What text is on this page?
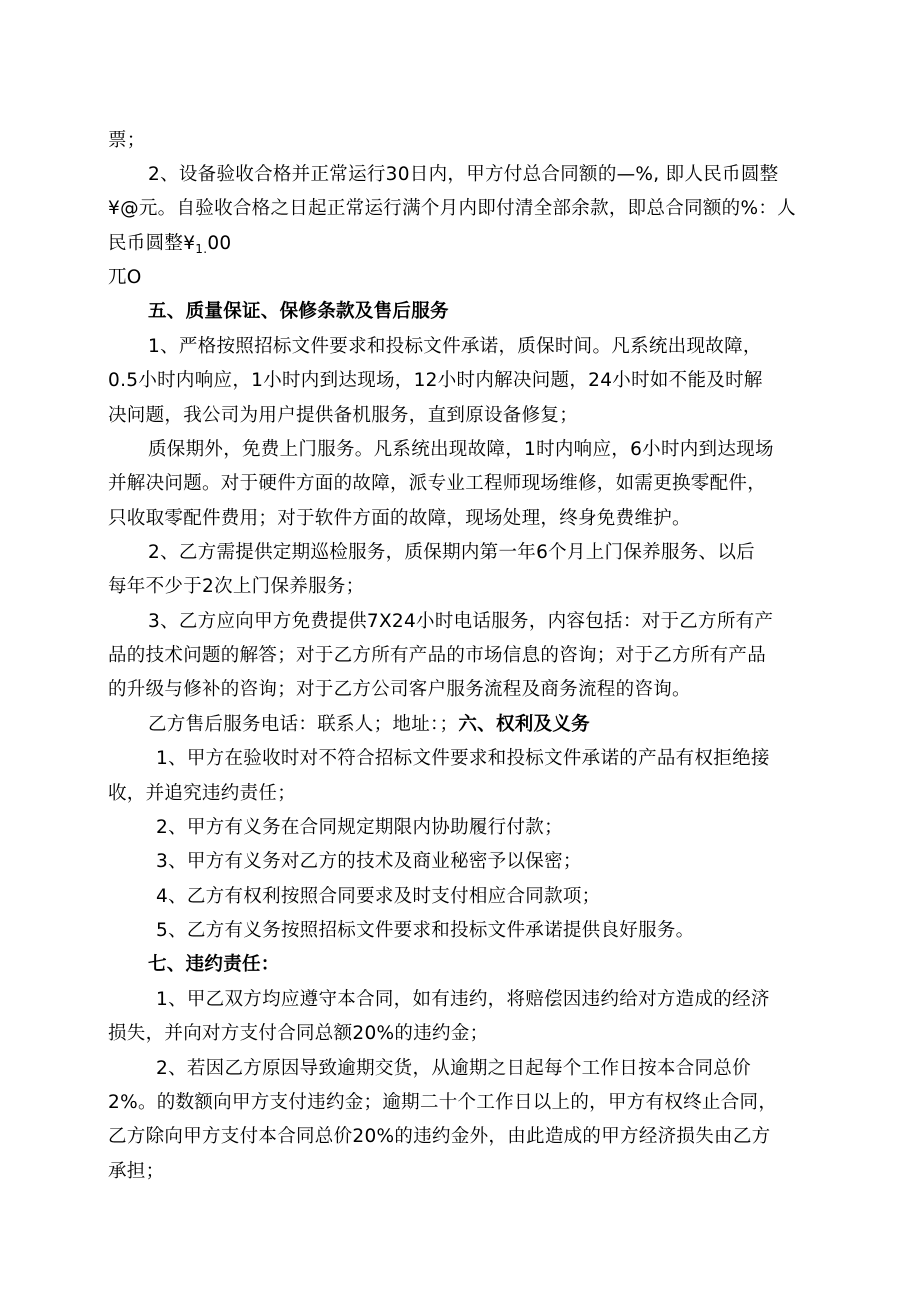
票；
2、设备验收合格并正常运行30日内，甲方付总合同额的—%, 即人民币圆整
¥@元。自验收合格之日起正常运行满个月内即付清全部余款，即总合同额的%：人
民币圆整$¥_{1.}00$
兀O
五、质量保证、保修条款及售后服务
1、严格按照招标文件要求和投标文件承诺，质保时间。凡系统出现故障，
0.5小时内响应，1小时内到达现场，12小时内解决问题，24小时如不能及时解
决问题，我公司为用户提供备机服务，直到原设备修复；
质保期外，免费上门服务。凡系统出现故障，1时内响应，6小时内到达现场
并解决问题。对于硬件方面的故障，派专业工程师现场维修，如需更换零配件，
只收取零配件费用；对于软件方面的故障，现场处理，终身免费维护。
2、乙方需提供定期巡检服务，质保期内第一年6个月上门保养服务、以后
每年不少于2次上门保养服务；
3、乙方应向甲方免费提供7X24小时电话服务，内容包括：对于乙方所有产
品的技术问题的解答；对于乙方所有产品的市场信息的咨询；对于乙方所有产品
的升级与修补的咨询；对于乙方公司客户服务流程及商务流程的咨询。
乙方售后服务电话：联系人；地址：；六、权利及义务
1、甲方在验收时对不符合招标文件要求和投标文件承诺的产品有权拒绝接
收，并追究违约责任；
2、甲方有义务在合同规定期限内协助履行付款；
3、甲方有义务对乙方的技术及商业秘密予以保密；
4、乙方有权利按照合同要求及时支付相应合同款项；
5、乙方有义务按照招标文件要求和投标文件承诺提供良好服务。
七、违约责任：
1、甲乙双方均应遵守本合同，如有违约，将赔偿因违约给对方造成的经济
损失，并向对方支付合同总额20%的违约金；
2、若因乙方原因导致逾期交货，从逾期之日起每个工作日按本合同总价
2%。的数额向甲方支付违约金；逾期二十个工作日以上的，甲方有权终止合同，
乙方除向甲方支付本合同总价20%的违约金外，由此造成的甲方经济损失由乙方
承担；
